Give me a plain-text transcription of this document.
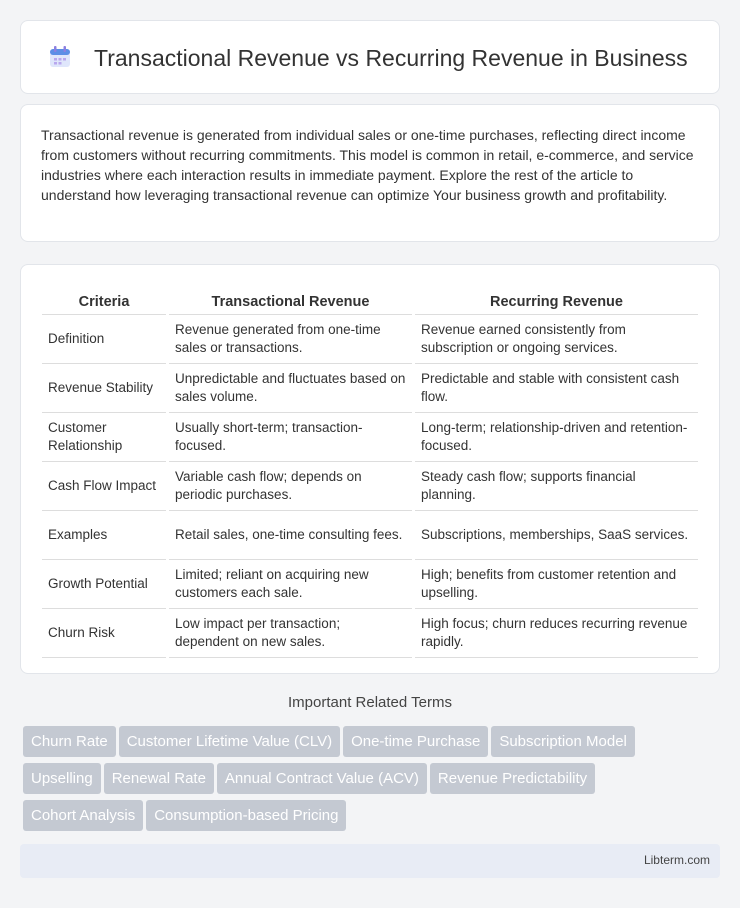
Transactional Revenue vs Recurring Revenue in Business

Transactional revenue is generated from individual sales or one-time purchases, reflecting direct income from customers without recurring commitments. This model is common in retail, e-commerce, and service industries where each interaction results in immediate payment. Explore the rest of the article to understand how leveraging transactional revenue can optimize Your business growth and profitability.

Criteria	Transactional Revenue	Recurring Revenue
Definition	Revenue generated from one-time sales or transactions.	Revenue earned consistently from subscription or ongoing services.
Revenue Stability	Unpredictable and fluctuates based on sales volume.	Predictable and stable with consistent cash flow.
Customer Relationship	Usually short-term; transaction-focused.	Long-term; relationship-driven and retention-focused.
Cash Flow Impact	Variable cash flow; depends on periodic purchases.	Steady cash flow; supports financial planning.
Examples	Retail sales, one-time consulting fees.	Subscriptions, memberships, SaaS services.
Growth Potential	Limited; reliant on acquiring new customers each sale.	High; benefits from customer retention and upselling.
Churn Risk	Low impact per transaction; dependent on new sales.	High focus; churn reduces recurring revenue rapidly.
Important Related Terms
Churn Rate Customer Lifetime Value (CLV) One-time Purchase Subscription Model
Upselling Renewal Rate Annual Contract Value (ACV) Revenue Predictability
Cohort Analysis Consumption-based Pricing
Libterm.com
